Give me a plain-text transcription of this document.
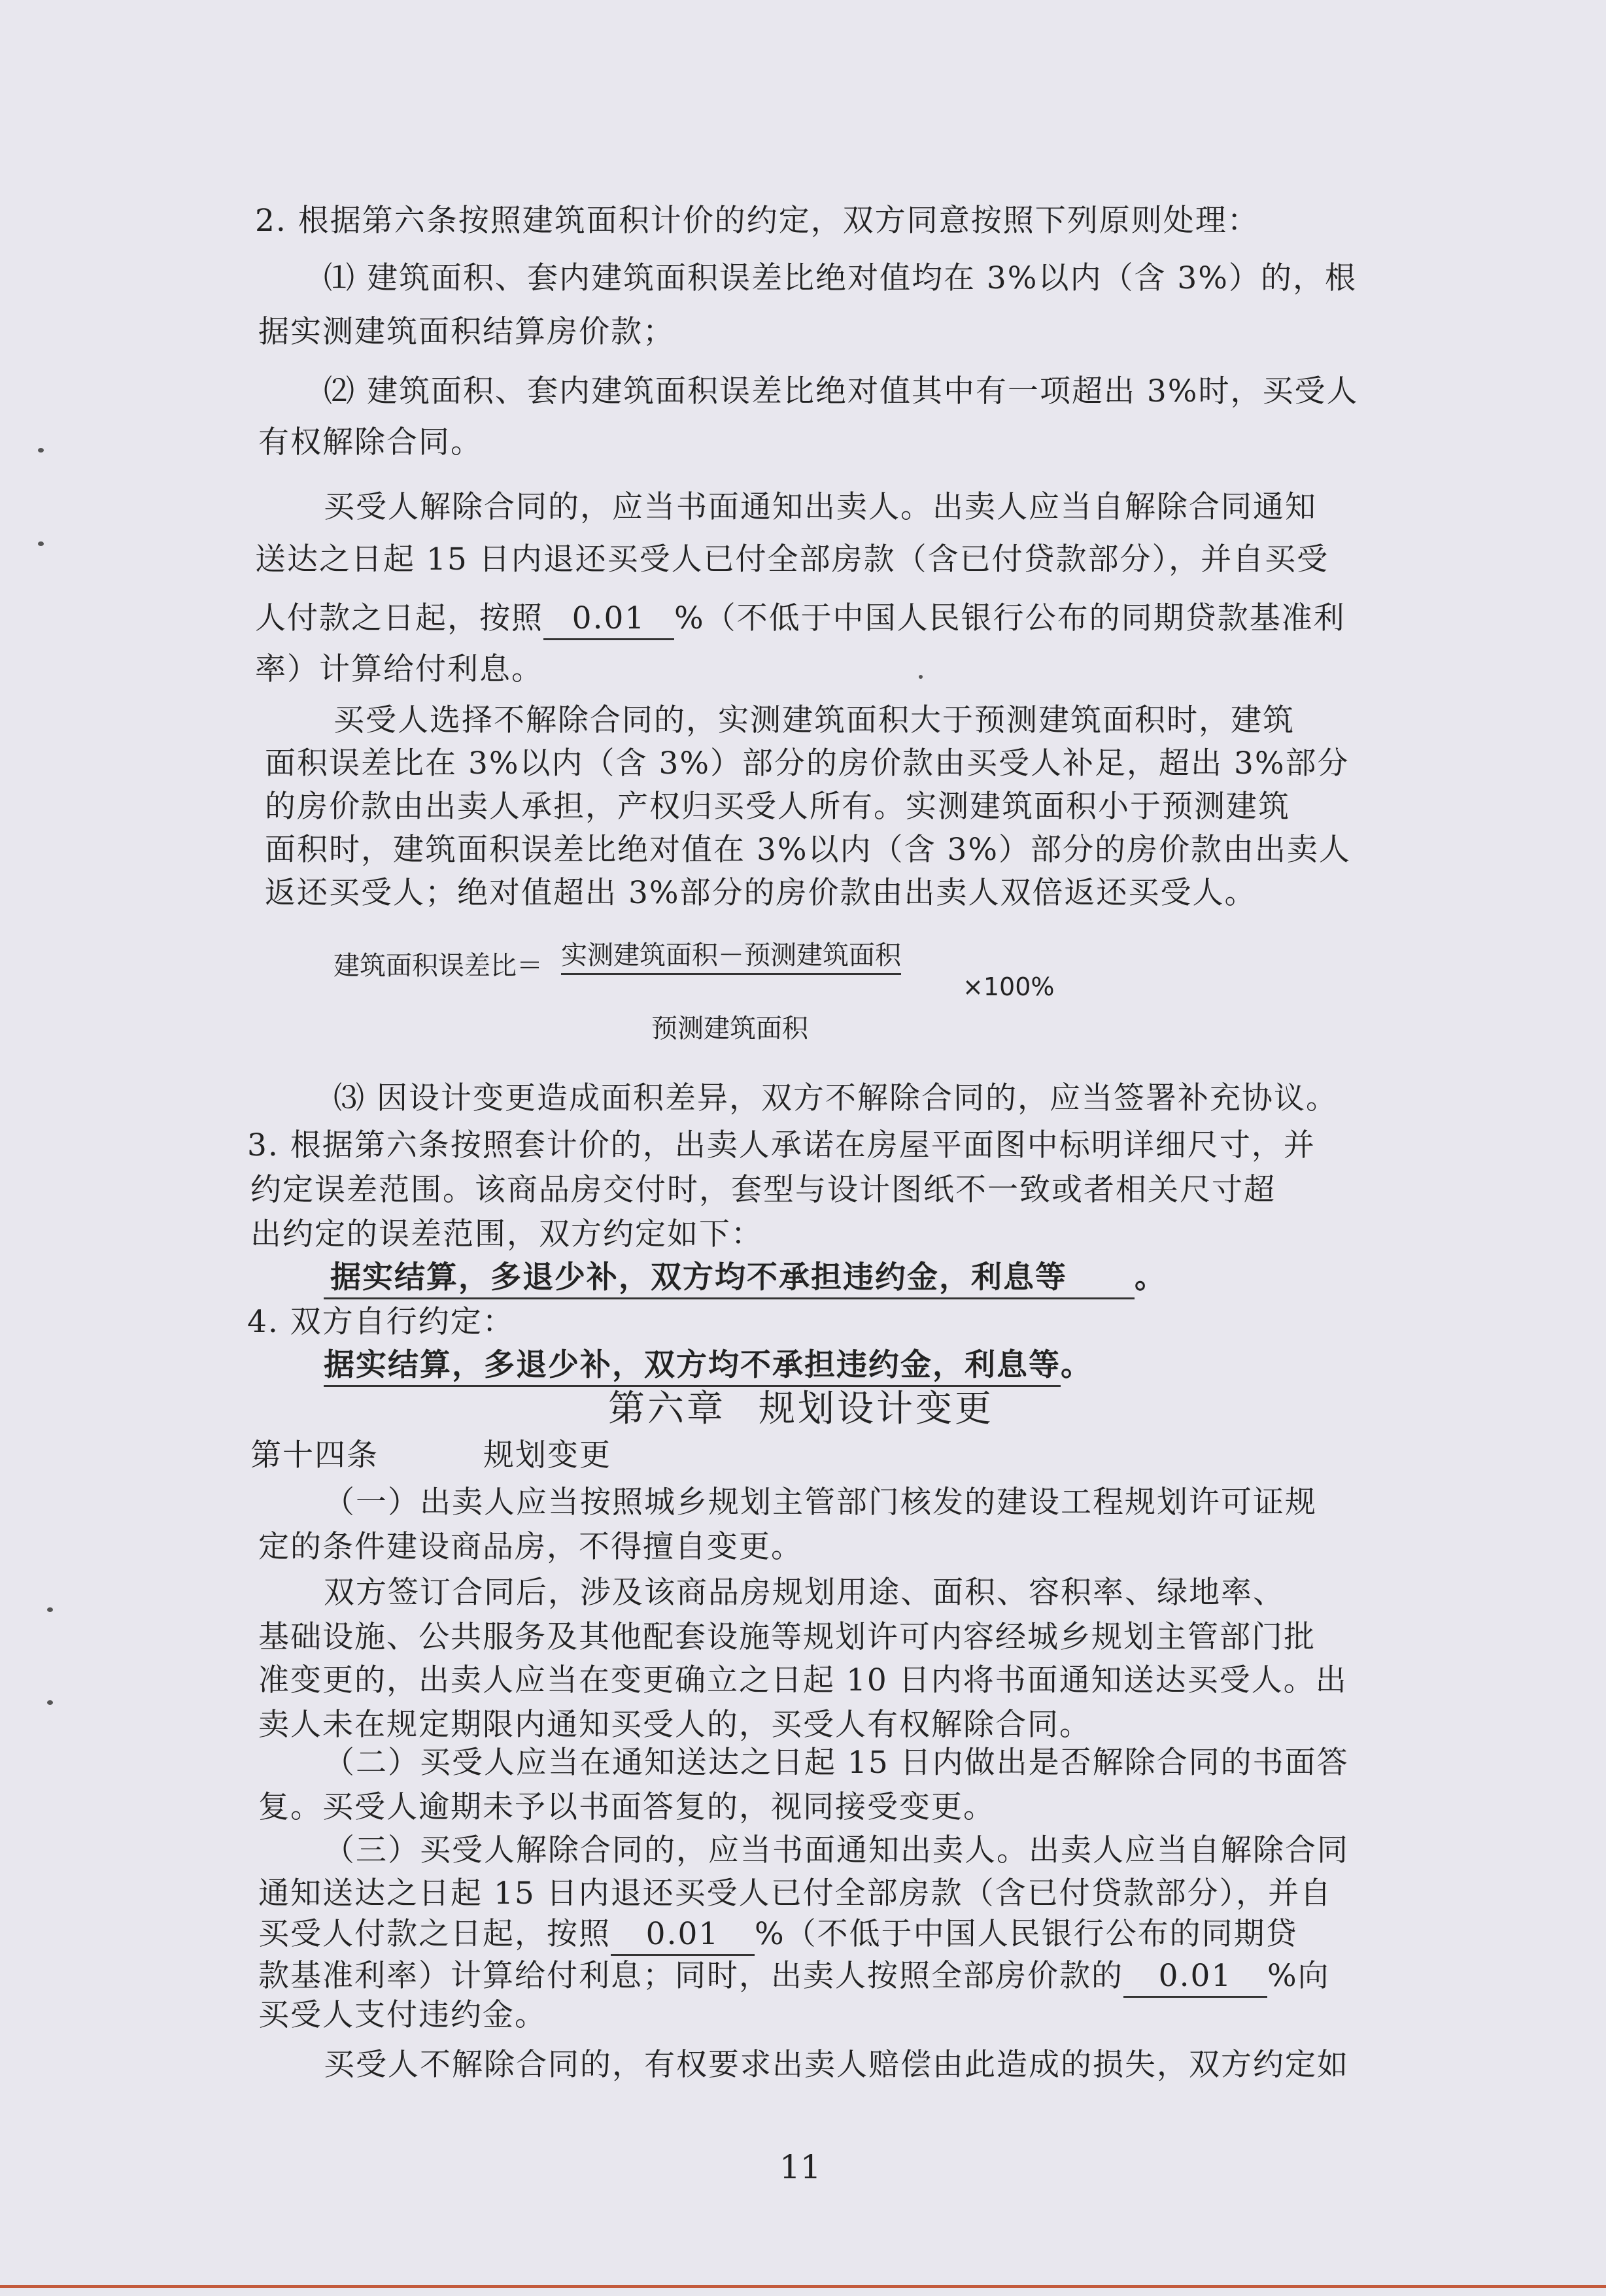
2. 根据第六条按照建筑面积计价的约定，双方同意按照下列原则处理：
⑴ 建筑面积、套内建筑面积误差比绝对值均在 3%以内（含 3%）的，根
据实测建筑面积结算房价款；
⑵ 建筑面积、套内建筑面积误差比绝对值其中有一项超出 3%时，买受人
有权解除合同。
买受人解除合同的，应当书面通知出卖人。出卖人应当自解除合同通知
送达之日起 15 日内退还买受人已付全部房款（含已付贷款部分），并自买受
人付款之日起，按照 0.01 %（不低于中国人民银行公布的同期贷款基准利
率）计算给付利息。
买受人选择不解除合同的，实测建筑面积大于预测建筑面积时，建筑
面积误差比在 3%以内（含 3%）部分的房价款由买受人补足，超出 3%部分
的房价款由出卖人承担，产权归买受人所有。实测建筑面积小于预测建筑
面积时，建筑面积误差比绝对值在 3%以内（含 3%）部分的房价款由出卖人
返还买受人；绝对值超出 3%部分的房价款由出卖人双倍返还买受人。
建筑面积误差比＝ 实测建筑面积－预测建筑面积
×100%
预测建筑面积
⑶ 因设计变更造成面积差异，双方不解除合同的，应当签署补充协议。
3. 根据第六条按照套计价的，出卖人承诺在房屋平面图中标明详细尺寸，并
约定误差范围。该商品房交付时，套型与设计图纸不一致或者相关尺寸超
出约定的误差范围，双方约定如下：
据实结算，多退少补，双方均不承担违约金，利息等 。
4. 双方自行约定：
据实结算，多退少补，双方均不承担违约金，利息等。
第六章 规划设计变更
第十四条	规划变更
（一）出卖人应当按照城乡规划主管部门核发的建设工程规划许可证规
定的条件建设商品房，不得擅自变更。
双方签订合同后，涉及该商品房规划用途、面积、容积率、绿地率、
基础设施、公共服务及其他配套设施等规划许可内容经城乡规划主管部门批
准变更的，出卖人应当在变更确立之日起 10 日内将书面通知送达买受人。出
卖人未在规定期限内通知买受人的，买受人有权解除合同。
（二）买受人应当在通知送达之日起 15 日内做出是否解除合同的书面答
复。买受人逾期未予以书面答复的，视同接受变更。
（三）买受人解除合同的，应当书面通知出卖人。出卖人应当自解除合同
通知送达之日起 15 日内退还买受人已付全部房款（含已付贷款部分），并自
买受人付款之日起，按照 0.01 %（不低于中国人民银行公布的同期贷
款基准利率）计算给付利息；同时，出卖人按照全部房价款的 0.01 %向
买受人支付违约金。
买受人不解除合同的，有权要求出卖人赔偿由此造成的损失，双方约定如
11
